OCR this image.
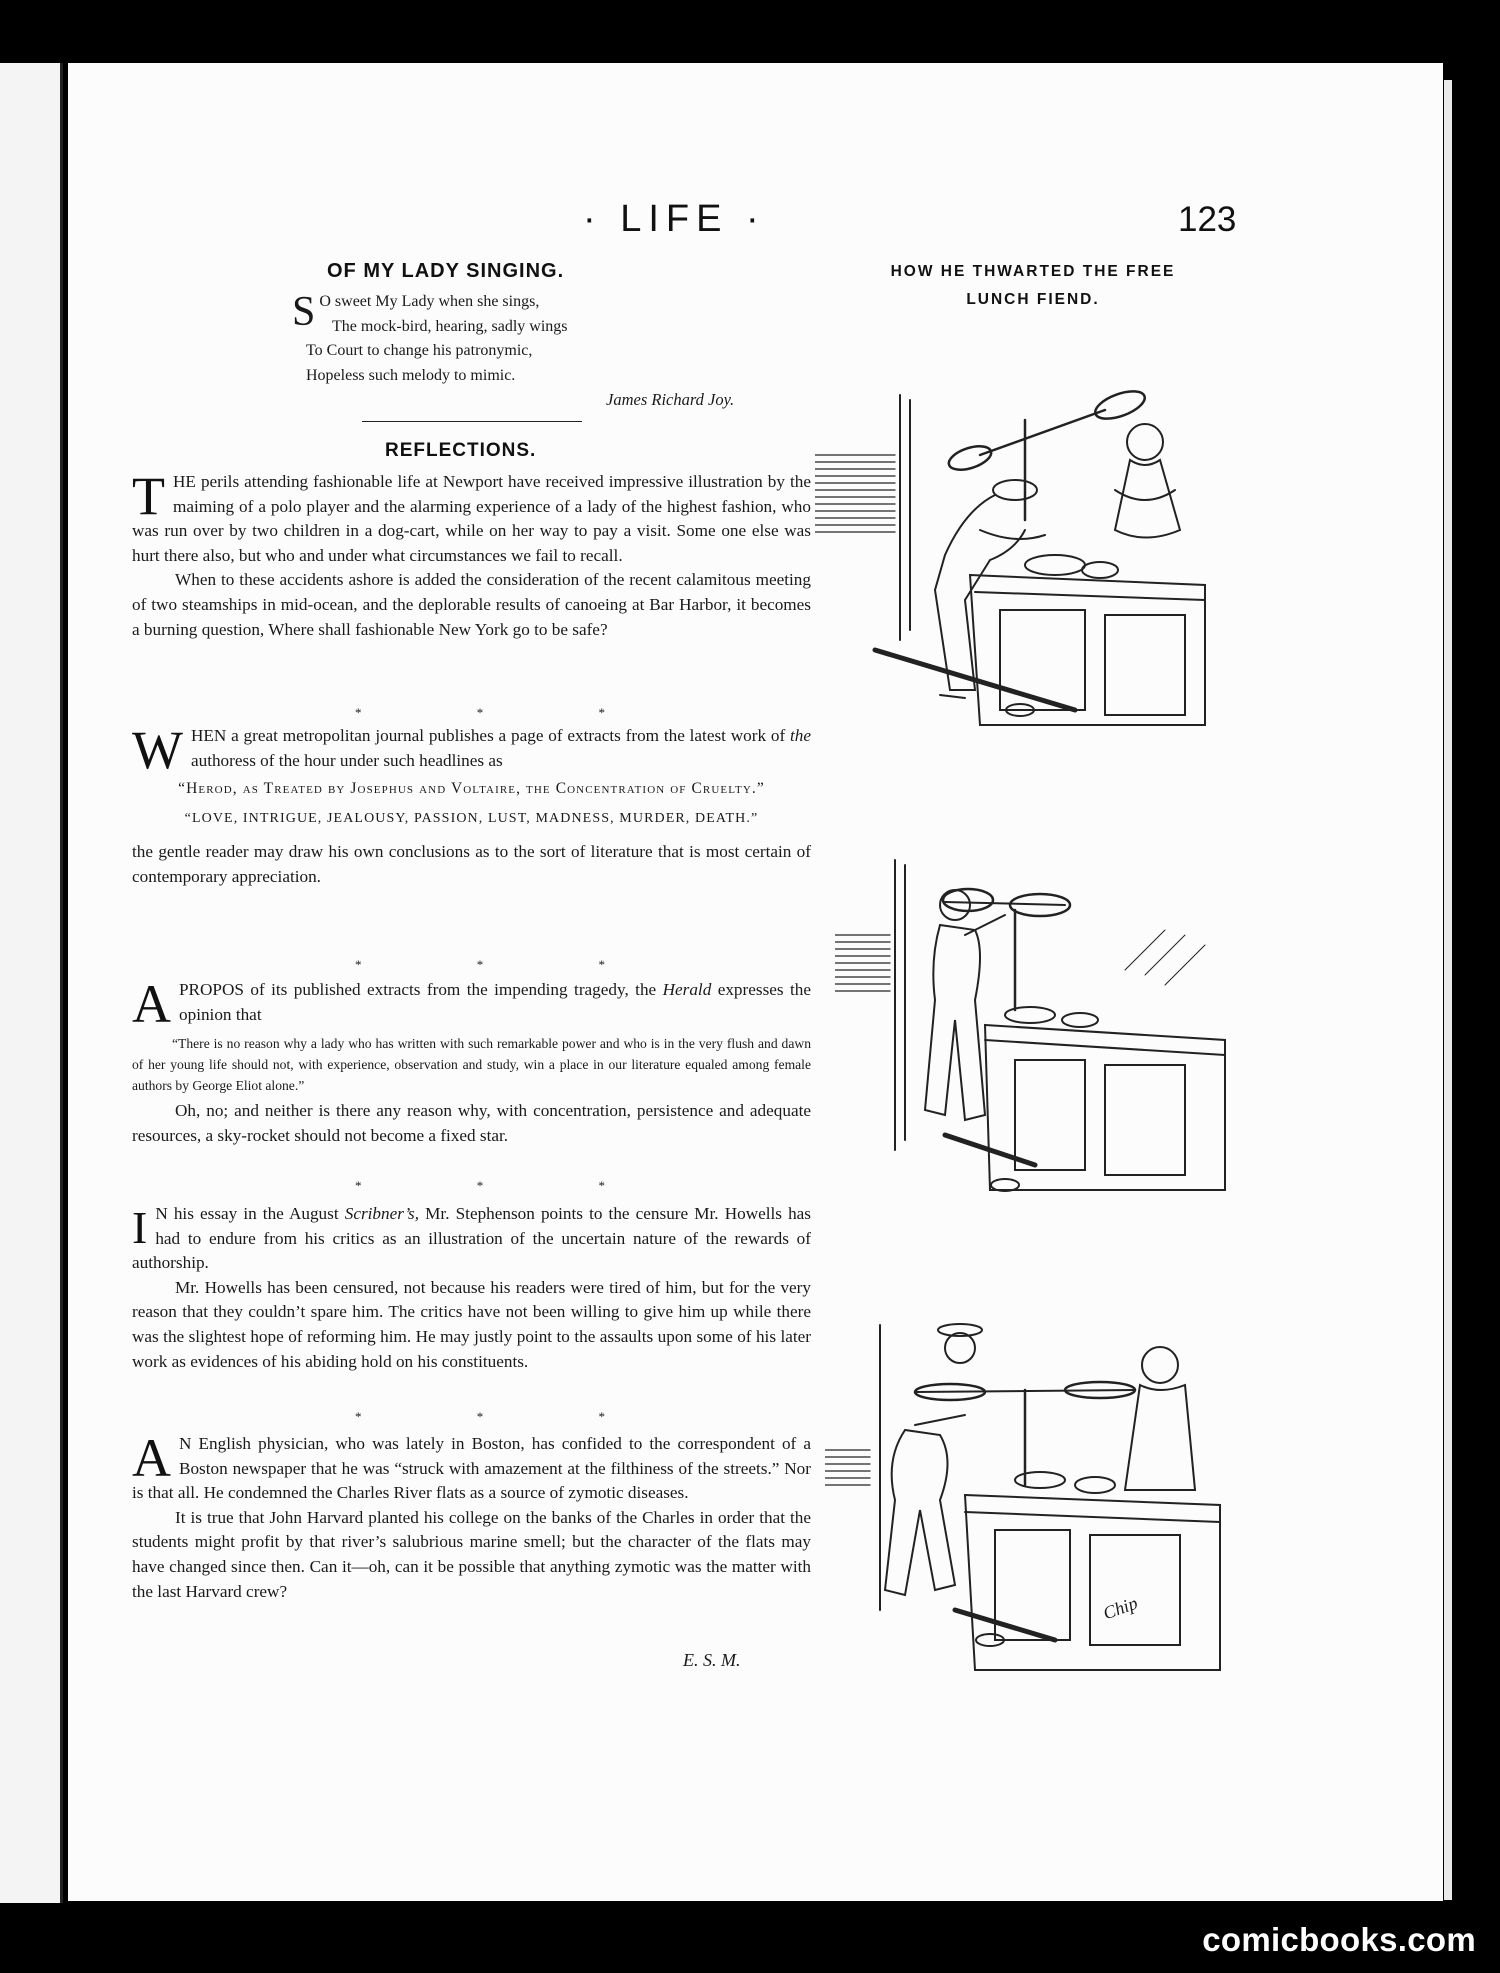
· LIFE ·	123
OF MY LADY SINGING.
S O sweet My Lady when she sings,
The mock-bird, hearing, sadly wings
To Court to change his patronymic,
Hopeless such melody to mimic.
James Richard Joy.
REFLECTIONS.

THE perils attending fashionable life at Newport have received impressive illustration by the maiming of a polo player and the alarming experience of a lady of the highest fashion, who was run over by two children in a dog-cart, while on her way to pay a visit. Some one else was hurt there also, but who and under what circumstances we fail to recall.

When to these accidents ashore is added the consideration of the recent calamitous meeting of two steamships in mid-ocean, and the deplorable results of canoeing at Bar Harbor, it becomes a burning question, Where shall fashionable New York go to be safe?

*	*	*

WHEN a great metropolitan journal publishes a page of extracts from the latest work of the authoress of the hour under such headlines as

“Herod, as Treated by Josephus and Voltaire, the Concentration of Cruelty.”

“LOVE, INTRIGUE, JEALOUSY, PASSION, LUST, MADNESS, MURDER, DEATH.”

the gentle reader may draw his own conclusions as to the sort of literature that is most certain of contemporary appreciation.

*	*	*

APROPOS of its published extracts from the impending tragedy, the Herald expresses the opinion that

“There is no reason why a lady who has written with such remarkable power and who is in the very flush and dawn of her young life should not, with experience, observation and study, win a place in our literature equaled among female authors by George Eliot alone.”

Oh, no; and neither is there any reason why, with concentration, persistence and adequate resources, a sky-rocket should not become a fixed star.

*	*	*

I N his essay in the August Scribner’s, Mr. Stephenson points to the censure Mr. Howells has had to endure from his critics as an illustration of the uncertain nature of the rewards of authorship.

Mr. Howells has been censured, not because his readers were tired of him, but for the very reason that they couldn’t spare him. The critics have not been willing to give him up while there was the slightest hope of reforming him. He may justly point to the assaults upon some of his later work as evidences of his abiding hold on his constituents.

*	*	*

A N English physician, who was lately in Boston, has confided to the correspondent of a Boston newspaper that he was “struck with amazement at the filthiness of the streets.” Nor is that all. He condemned the Charles River flats as a source of zymotic diseases.

It is true that John Harvard planted his college on the banks of the Charles in order that the students might profit by that river’s salubrious marine smell; but the character of the flats may have changed since then. Can it—oh, can it be possible that anything zymotic was the matter with the last Harvard crew?

E. S. M.
HOW HE THWARTED THE FREE
LUNCH FIEND.
Chip
comicbooks.com
